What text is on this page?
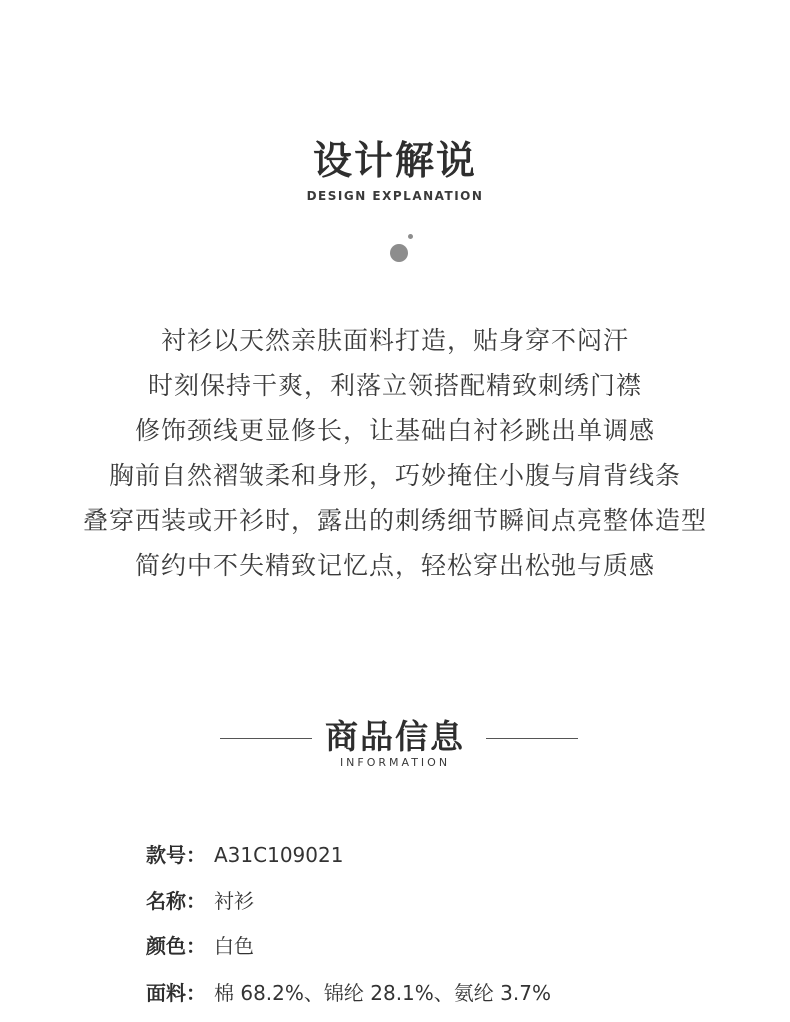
设计解说
DESIGN EXPLANATION
衬衫以天然亲肤面料打造，贴身穿不闷汗
时刻保持干爽，利落立领搭配精致刺绣门襟
修饰颈线更显修长，让基础白衬衫跳出单调感
胸前自然褶皱柔和身形，巧妙掩住小腹与肩背线条
叠穿西装或开衫时，露出的刺绣细节瞬间点亮整体造型
简约中不失精致记忆点，轻松穿出松弛与质感
商品信息
INFORMATION
款号： A31C109021
名称： 衬衫
颜色： 白色
面料： 棉 68.2%、锦纶 28.1%、氨纶 3.7%
